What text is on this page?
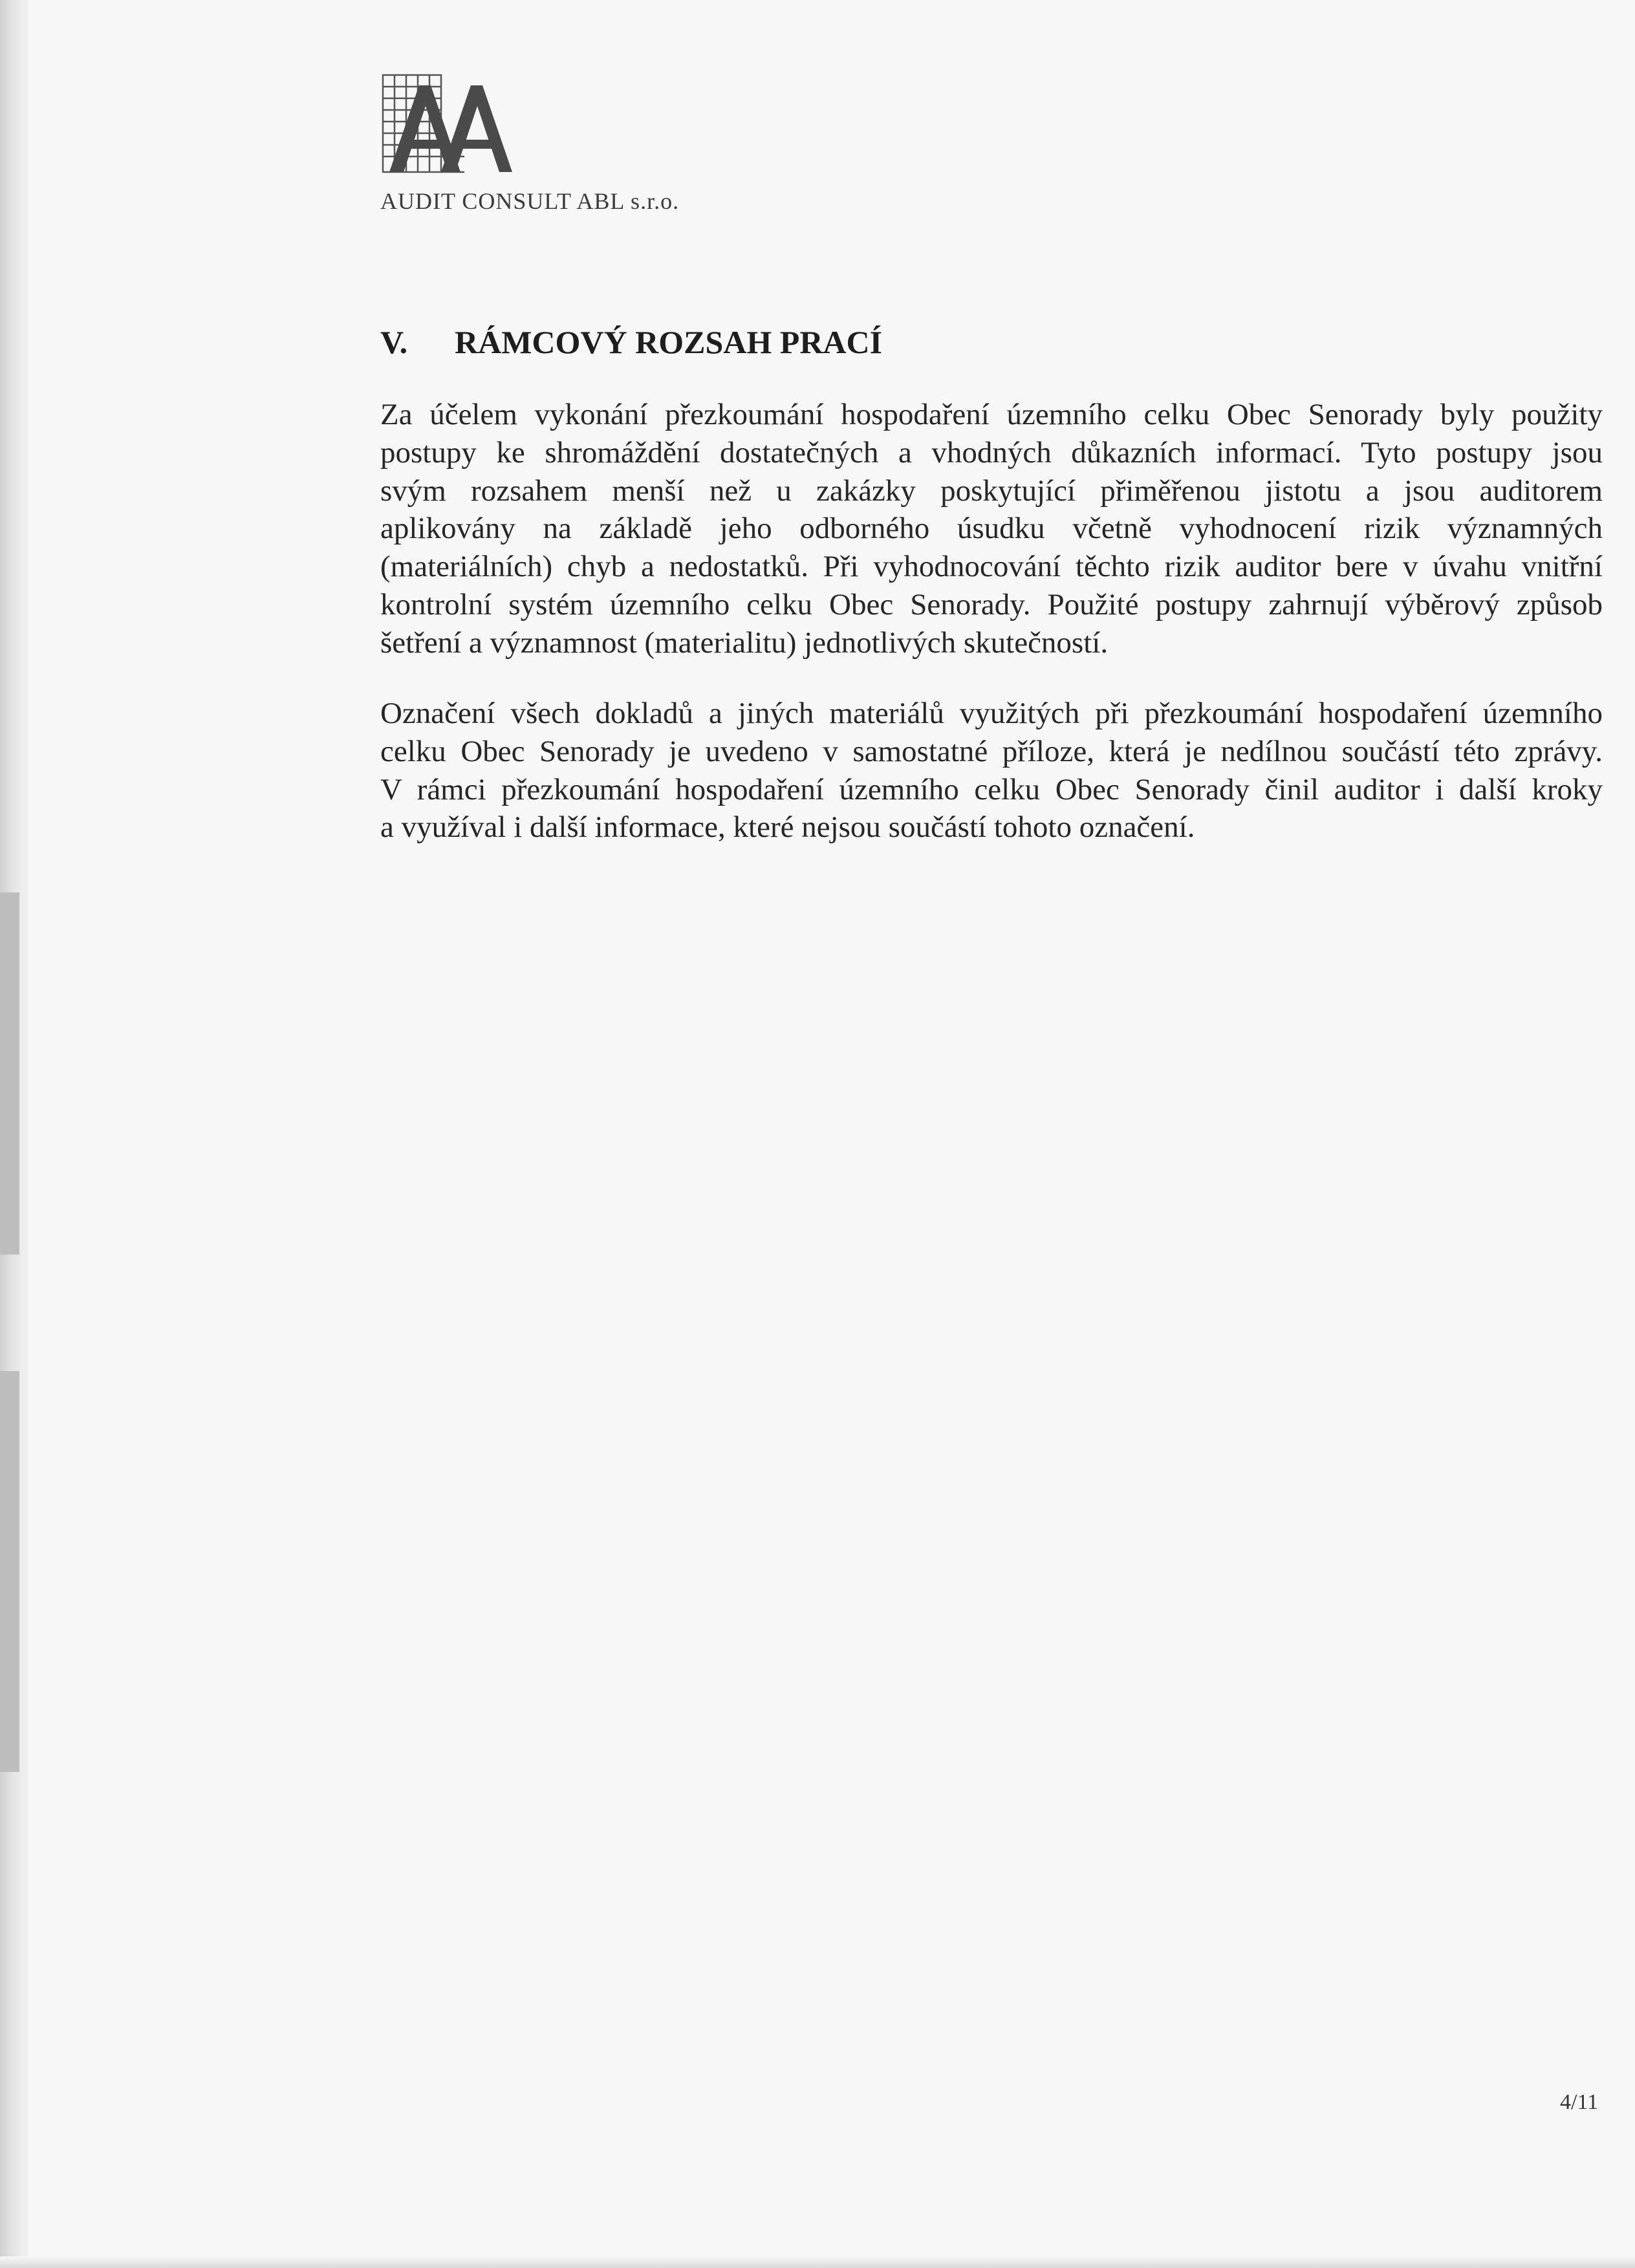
AUDIT CONSULT ABL s.r.o.
V. RÁMCOVÝ ROZSAH PRACÍ

Za účelem vykonání přezkoumání hospodaření územního celku Obec Senorady byly použity
postupy ke shromáždění dostatečných a vhodných důkazních informací. Tyto postupy jsou
svým rozsahem menší než u zakázky poskytující přiměřenou jistotu a jsou auditorem
aplikovány na základě jeho odborného úsudku včetně vyhodnocení rizik významných
(materiálních) chyb a nedostatků. Při vyhodnocování těchto rizik auditor bere v úvahu vnitřní
kontrolní systém územního celku Obec Senorady. Použité postupy zahrnují výběrový způsob
šetření a významnost (materialitu) jednotlivých skutečností.

Označení všech dokladů a jiných materiálů využitých při přezkoumání hospodaření územního
celku Obec Senorady je uvedeno v samostatné příloze, která je nedílnou součástí této zprávy.
V rámci přezkoumání hospodaření územního celku Obec Senorady činil auditor i další kroky
a využíval i další informace, které nejsou součástí tohoto označení.

4/11
